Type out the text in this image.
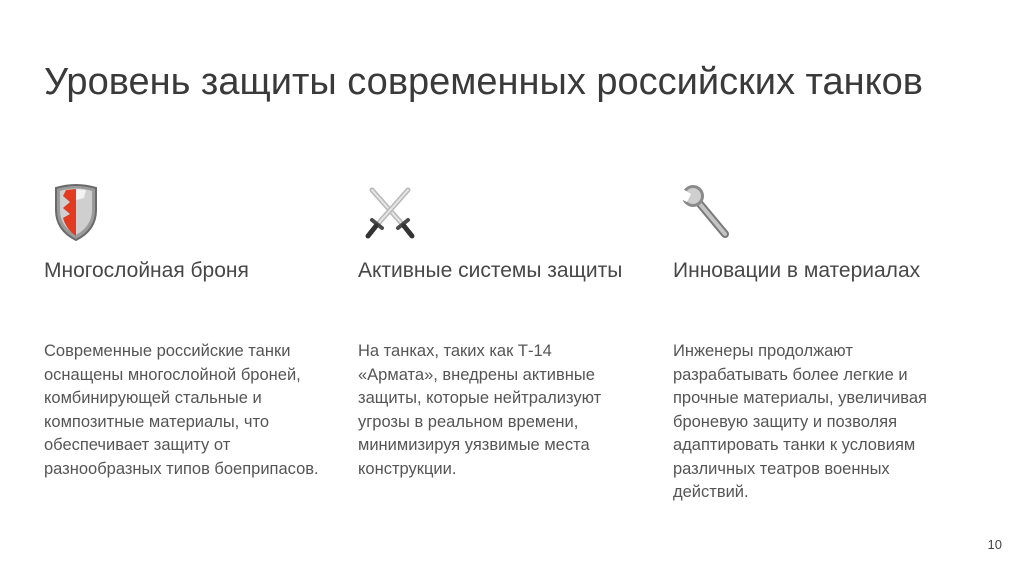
Уровень защиты современных российских танков
Многослойная броня
Современные российские танки оснащены многослойной броней, комбинирующей стальные и композитные материалы, что обеспечивает защиту от разнообразных типов боеприпасов.
Активные системы защиты
На танках, таких как Т-14 «Армата», внедрены активные защиты, которые нейтрализуют угрозы в реальном времени, минимизируя уязвимые места конструкции.
Инновации в материалах
Инженеры продолжают разрабатывать более легкие и прочные материалы, увеличивая броневую защиту и позволяя адаптировать танки к условиям различных театров военных действий.
10
